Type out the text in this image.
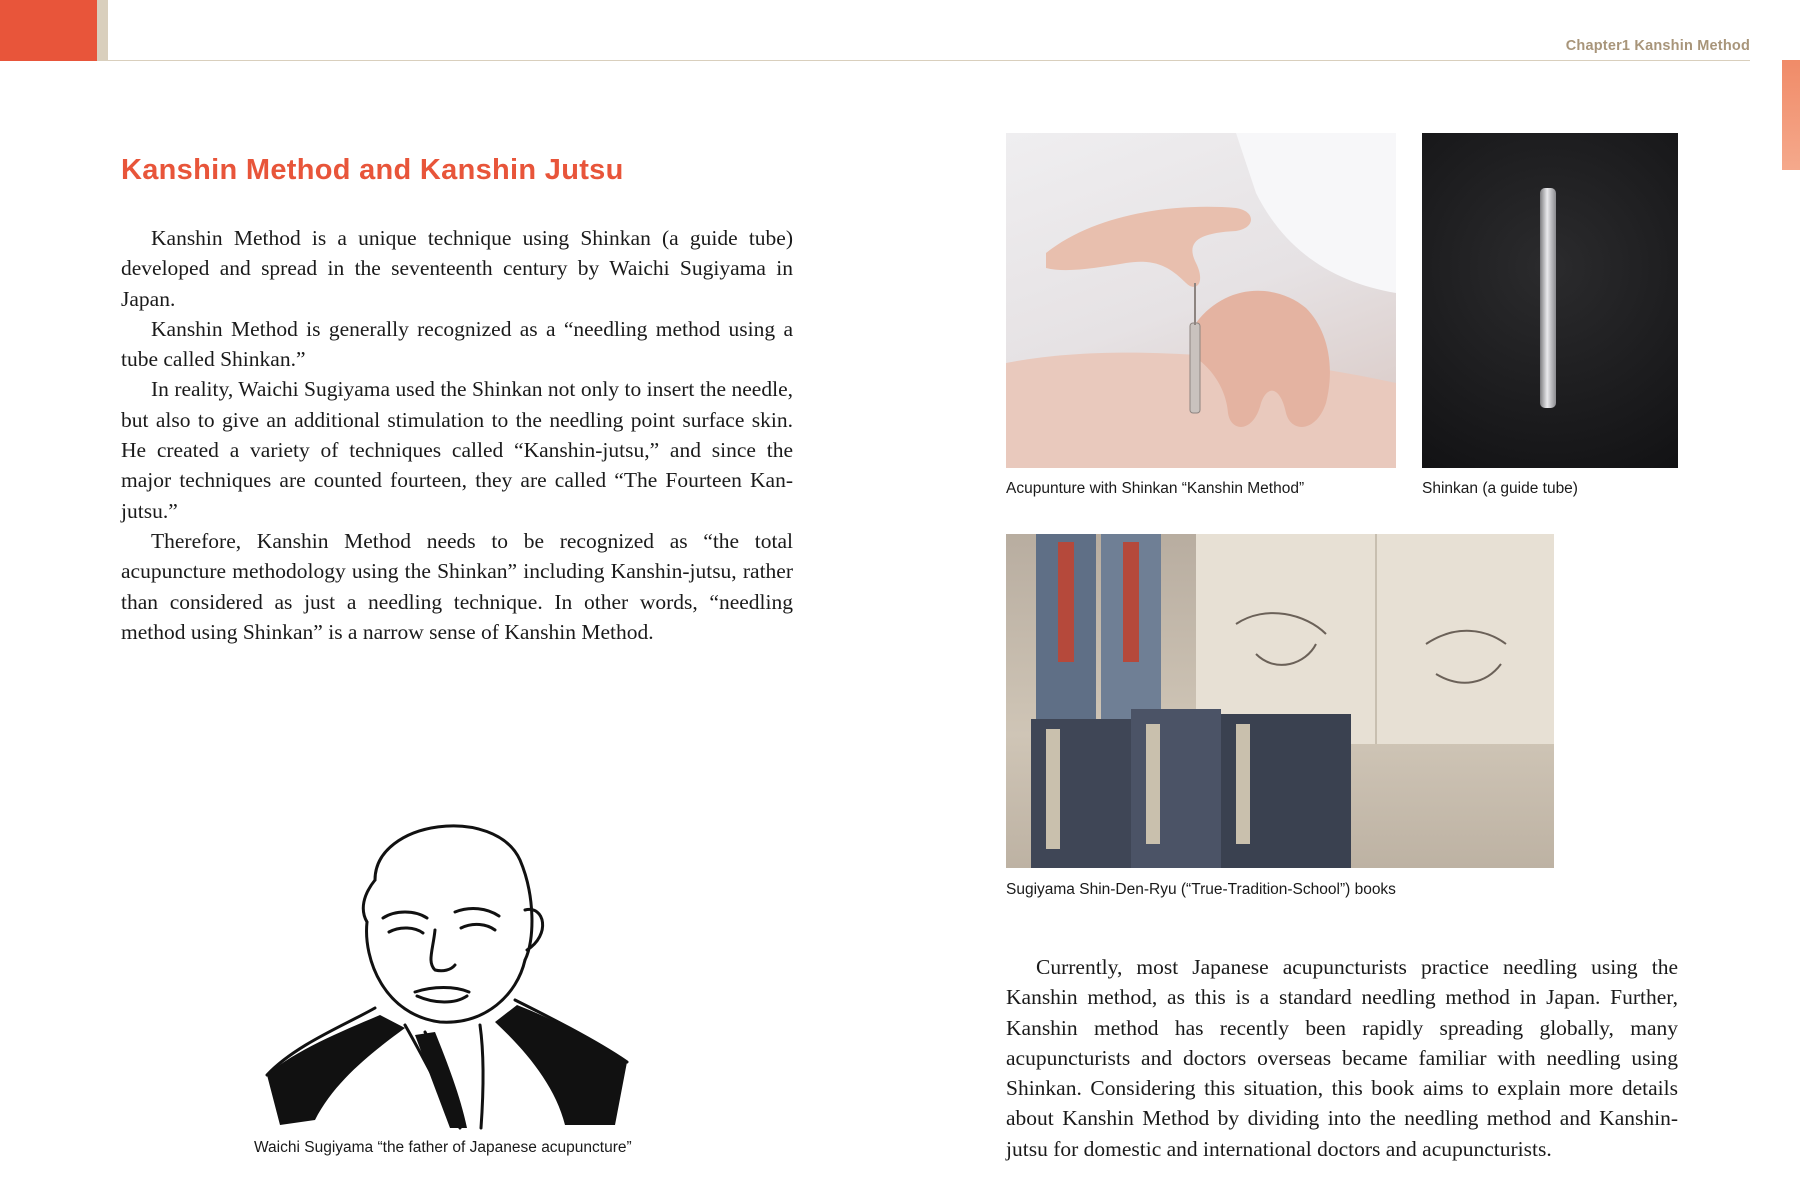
Chapter1 Kanshin Method
Kanshin Method and Kanshin Jutsu

Kanshin Method is a unique technique using Shinkan (a guide tube) developed and spread in the seventeenth century by Waichi Sugiyama in Japan.

Kanshin Method is generally recognized as a “needling method using a tube called Shinkan.”

In reality, Waichi Sugiyama used the Shinkan not only to insert the needle, but also to give an additional stimulation to the needling point surface skin. He created a variety of techniques called “Kanshin-jutsu,” and since the major techniques are counted fourteen, they are called “The Fourteen Kan-jutsu.”

Therefore, Kanshin Method needs to be recognized as “the total acupuncture methodology using the Shinkan” including Kanshin-jutsu, rather than considered as just a needling technique. In other words, “needling method using Shinkan” is a narrow sense of Kanshin Method.

Waichi Sugiyama “the father of Japanese acupuncture”
Acupunture with Shinkan “Kanshin Method”	Shinkan (a guide tube)
Sugiyama Shin-Den-Ryu (“True-Tradition-School”) books

Currently, most Japanese acupuncturists practice needling using the Kanshin method, as this is a standard needling method in Japan. Further, Kanshin method has recently been rapidly spreading globally, many acupuncturists and doctors overseas became familiar with needling using Shinkan. Considering this situation, this book aims to explain more details about Kanshin Method by dividing into the needling method and Kanshin-jutsu for domestic and international doctors and acupuncturists.
